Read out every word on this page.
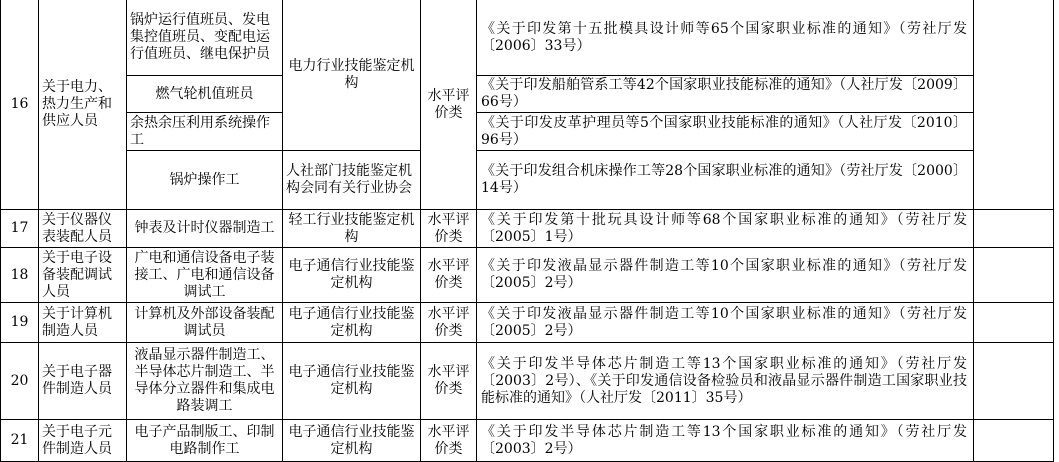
16	关于电力、热力生产和供应人员	锅炉运行值班员、发电集控值班员、变配电运行值班员、继电保护员	电力行业技能鉴定机构	水平评价类	《关于印发第十五批模具设计师等65个国家职业标准的通知》（劳社厅发〔2006〕33号）		
		燃气轮机值班员			《关于印发船舶管系工等42个国家职业技能标准的通知》（人社厅发〔2009〕66号）		
		余热余压利用系统操作工			《关于印发皮革护理员等5个国家职业技能标准的通知》（人社厅发〔2010〕96号）		
		锅炉操作工	人社部门技能鉴定机构会同有关行业协会		《关于印发组合机床操作工等28个国家职业标准的通知》（劳社厅发〔2000〕14号）		
17	关于仪器仪表装配人员	钟表及计时仪器制造工	轻工行业技能鉴定机构	水平评价类	《关于印发第十批玩具设计师等68个国家职业标准的通知》（劳社厅发〔2005〕1号）		
18	关于电子设备装配调试人员	广电和通信设备电子装接工、广电和通信设备调试工	电子通信行业技能鉴定机构	水平评价类	《关于印发液晶显示器件制造工等10个国家职业标准的通知》（劳社厅发〔2005〕2号）		
19	关于计算机制造人员	计算机及外部设备装配调试员	电子通信行业技能鉴定机构	水平评价类	《关于印发液晶显示器件制造工等10个国家职业标准的通知》（劳社厅发〔2005〕2号）		
20	关于电子器件制造人员	液晶显示器件制造工、半导体芯片制造工、半导体分立器件和集成电路装调工	电子通信行业技能鉴定机构	水平评价类	《关于印发半导体芯片制造工等13个国家职业标准的通知》（劳社厅发〔2003〕2号）、《关于印发通信设备检验员和液晶显示器件制造工国家职业技能标准的通知》（人社厅发〔2011〕35号）		
21	关于电子元件制造人员	电子产品制版工、印制电路制作工	电子通信行业技能鉴定机构	水平评价类	《关于印发半导体芯片制造工等13个国家职业标准的通知》（劳社厅发〔2003〕2号）		
